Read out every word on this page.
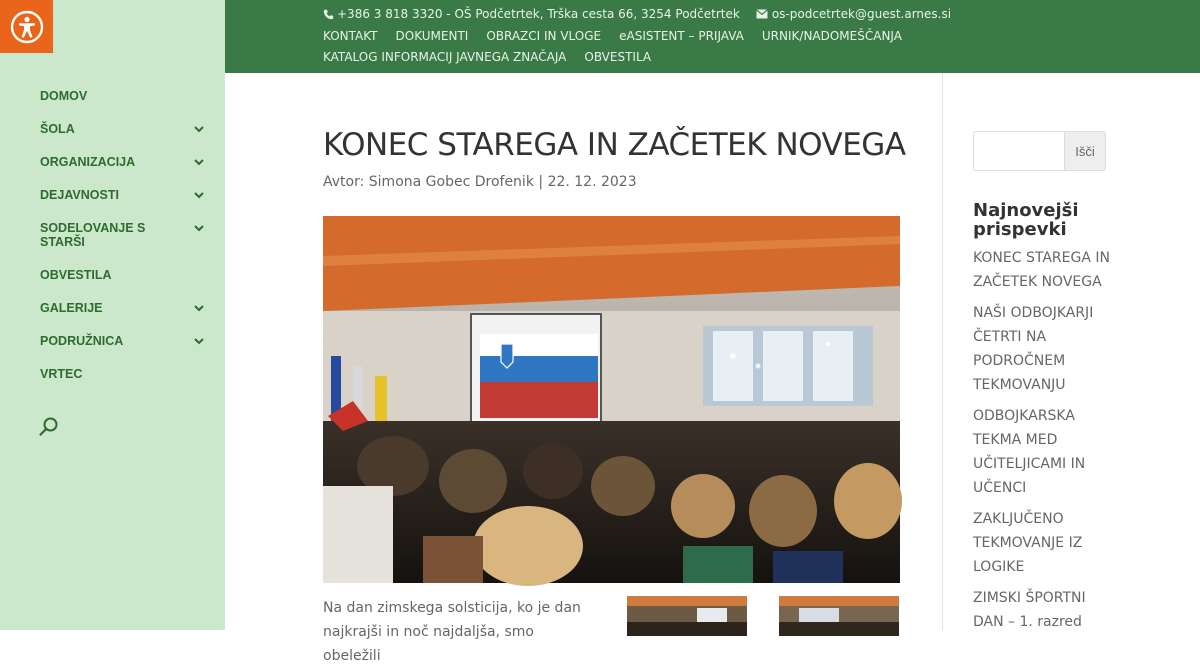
DOMOV
ŠOLA
ORGANIZACIJA
DEJAVNOSTI
SODELOVANJE S STARŠI
OBVESTILA
GALERIJE
PODRUŽNICA
VRTEC
+386 3 818 3320 - OŠ Podčetrtek, Trška cesta 66, 3254 Podčetrtek	os-podcetrtek@guest.arnes.si
KONTAKT DOKUMENTI OBRAZCI IN VLOGE eASISTENT – PRIJAVA URNIK/NADOMEŠČANJA
KATALOG INFORMACIJ JAVNEGA ZNAČAJA OBVESTILA
KONEC STAREGA IN ZAČETEK NOVEGA

Avtor: Simona Gobec Drofenik | 22. 12. 2023

Na dan zimskega solsticija, ko je dan najkrajši in noč najdaljša, smo obeležili

Išči
Najnovejši prispevki
KONEC STAREGA IN ZAČETEK NOVEGA
NAŠI ODBOJKARJI ČETRTI NA PODROČNEM TEKMOVANJU
ODBOJKARSKA TEKMA MED UČITELJICAMI IN UČENCI
ZAKLJUČENO TEKMOVANJE IZ LOGIKE
ZIMSKI ŠPORTNI DAN – 1. razred
